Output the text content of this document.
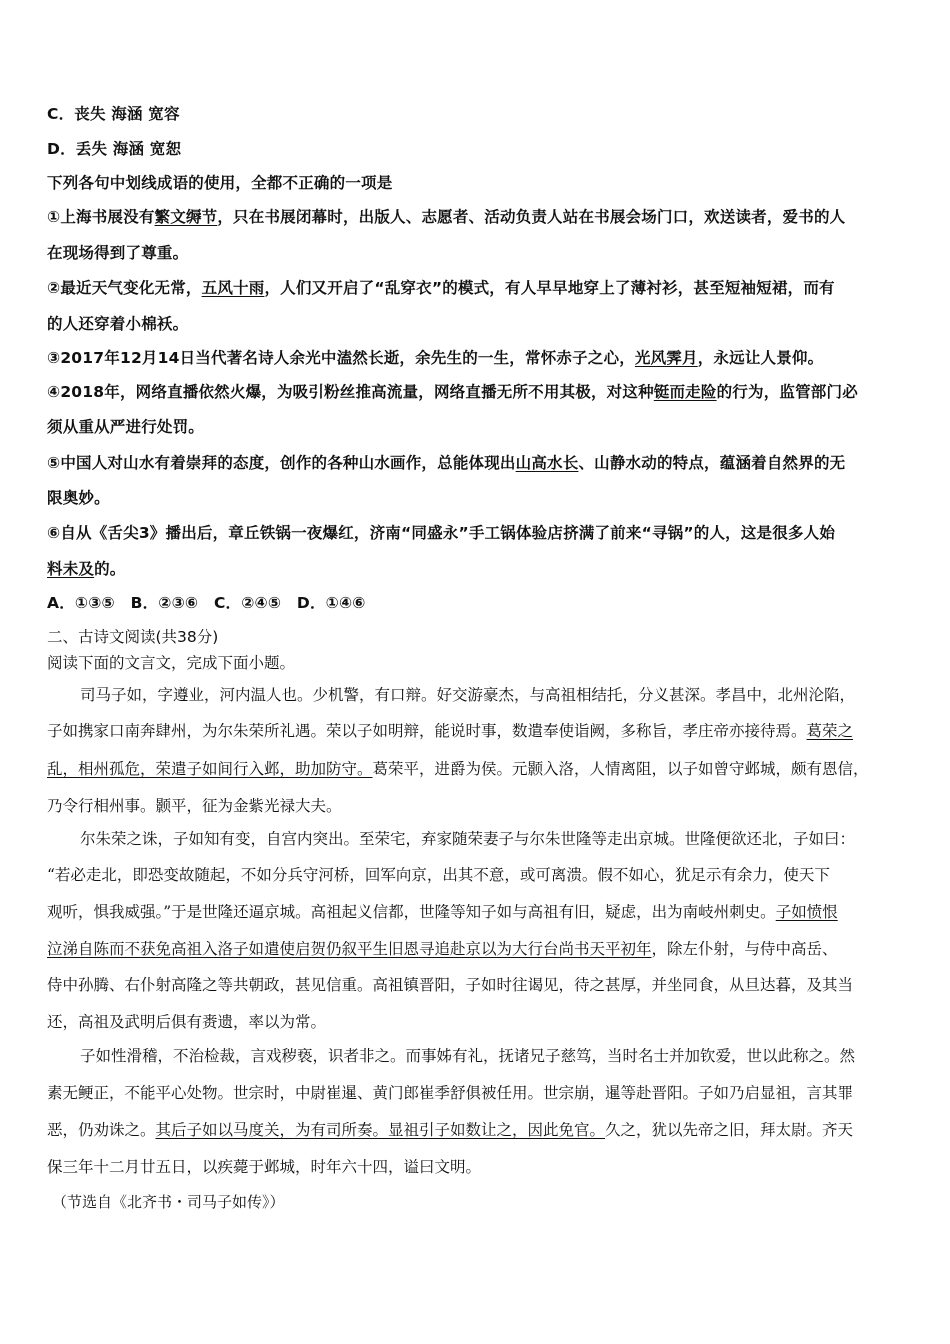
C．丧失 海涵 宽容
D．丢失 海涵 宽恕
下列各句中划线成语的使用，全都不正确的一项是
①上海书展没有繁文缛节，只在书展闭幕时，出版人、志愿者、活动负责人站在书展会场门口，欢送读者，爱书的人
在现场得到了尊重。
②最近天气变化无常，五风十雨，人们又开启了“乱穿衣”的模式，有人早早地穿上了薄衬衫，甚至短袖短裙，而有
的人还穿着小棉袄。
③2017年12月14日当代著名诗人余光中溘然长逝，余先生的一生，常怀赤子之心，光风霁月，永远让人景仰。
④2018年，网络直播依然火爆，为吸引粉丝推高流量，网络直播无所不用其极，对这种铤而走险的行为，监管部门必
须从重从严进行处罚。
⑤中国人对山水有着崇拜的态度，创作的各种山水画作，总能体现出山高水长、山静水动的特点，蕴涵着自然界的无
限奥妙。
⑥自从《舌尖3》播出后，章丘铁锅一夜爆红，济南“同盛永”手工锅体验店挤满了前来“寻锅”的人，这是很多人始
料未及的。
A．①③⑤　B．②③⑥　C．②④⑤　D．①④⑥
二、古诗文阅读(共38分)
阅读下面的文言文，完成下面小题。
司马子如，字遵业，河内温人也。少机警，有口辩。好交游豪杰，与高祖相结托，分义甚深。孝昌中，北州沦陷，
子如携家口南奔肆州，为尔朱荣所礼遇。荣以子如明辩，能说时事，数遣奉使诣阙，多称旨，孝庄帝亦接待焉。葛荣之
乱，相州孤危，荣遣子如间行入邺，助加防守。葛荣平，进爵为侯。元颢入洛，人情离阻，以子如曾守邺城，颇有恩信，
乃令行相州事。颢平，征为金紫光禄大夫。
尔朱荣之诛，子如知有变，自宫内突出。至荣宅，弃家随荣妻子与尔朱世隆等走出京城。世隆便欲还北，子如曰：
“若必走北，即恐变故随起，不如分兵守河桥，回军向京，出其不意，或可离溃。假不如心，犹足示有余力，使天下
观听，惧我威强。”于是世隆还逼京城。高祖起义信都，世隆等知子如与高祖有旧，疑虑，出为南岐州刺史。子如愤恨
泣涕自陈而不获免高祖入洛子如遣使启贺仍叙平生旧恩寻追赴京以为大行台尚书天平初年，除左仆射，与侍中高岳、
侍中孙腾、右仆射高隆之等共朝政，甚见信重。高祖镇晋阳，子如时往谒见，待之甚厚，并坐同食，从旦达暮，及其当
还，高祖及武明后俱有赉遗，率以为常。
子如性滑稽，不治检裁，言戏秽亵，识者非之。而事姊有礼，抚诸兄子慈笃，当时名士并加钦爱，世以此称之。然
素无鲠正，不能平心处物。世宗时，中尉崔暹、黄门郎崔季舒俱被任用。世宗崩，暹等赴晋阳。子如乃启显祖，言其罪
恶，仍劝诛之。其后子如以马度关，为有司所奏。显祖引子如数让之，因此免官。久之，犹以先帝之旧，拜太尉。齐天
保三年十二月廿五日，以疾薨于邺城，时年六十四，谥曰文明。
（节选自《北齐书・司马子如传》）
